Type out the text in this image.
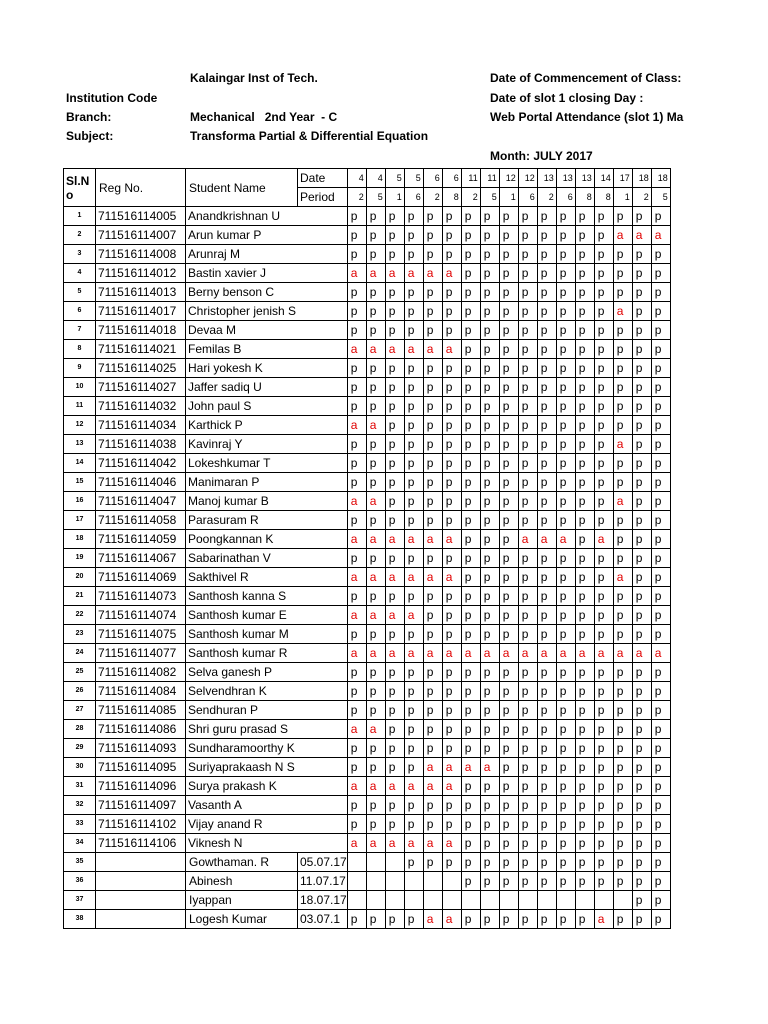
Kalaingar Inst of Tech.
Institution Code
Branch:	Mechanical   2nd Year  - C
Subject:	Transforma Partial & Differential Equation
Date of Commencement of Class:
Date of slot 1 closing Day :
Web Portal Attendance (slot 1) Ma
Month: JULY 2017
Sl.N o	Reg No.	Student Name	Date	4	4	5	5	6	6	11	11	12	12	13	13	13	14	17	18	18
			Period	2	5	1	6	2	8	2	5	1	6	2	6	8	8	1	2	5
1	711516114005	Anandkrishnan U		p	p	p	p	p	p	p	p	p	p	p	p	p	p	p	p	p
2	711516114007	Arun kumar P		p	p	p	p	p	p	p	p	p	p	p	p	p	p	a	a	a
3	711516114008	Arunraj M		p	p	p	p	p	p	p	p	p	p	p	p	p	p	p	p	p
4	711516114012	Bastin xavier J		a	a	a	a	a	a	p	p	p	p	p	p	p	p	p	p	p
5	711516114013	Berny benson C		p	p	p	p	p	p	p	p	p	p	p	p	p	p	p	p	p
6	711516114017	Christopher jenish S		p	p	p	p	p	p	p	p	p	p	p	p	p	p	a	p	p
7	711516114018	Devaa M		p	p	p	p	p	p	p	p	p	p	p	p	p	p	p	p	p
8	711516114021	Femilas B		a	a	a	a	a	a	p	p	p	p	p	p	p	p	p	p	p
9	711516114025	Hari yokesh K		p	p	p	p	p	p	p	p	p	p	p	p	p	p	p	p	p
10	711516114027	Jaffer sadiq U		p	p	p	p	p	p	p	p	p	p	p	p	p	p	p	p	p
11	711516114032	John paul S		p	p	p	p	p	p	p	p	p	p	p	p	p	p	p	p	p
12	711516114034	Karthick P		a	a	p	p	p	p	p	p	p	p	p	p	p	p	p	p	p
13	711516114038	Kavinraj Y		p	p	p	p	p	p	p	p	p	p	p	p	p	p	a	p	p
14	711516114042	Lokeshkumar T		p	p	p	p	p	p	p	p	p	p	p	p	p	p	p	p	p
15	711516114046	Manimaran P		p	p	p	p	p	p	p	p	p	p	p	p	p	p	p	p	p
16	711516114047	Manoj kumar B		a	a	p	p	p	p	p	p	p	p	p	p	p	p	a	p	p
17	711516114058	Parasuram R		p	p	p	p	p	p	p	p	p	p	p	p	p	p	p	p	p
18	711516114059	Poongkannan K		a	a	a	a	a	a	p	p	p	a	a	a	p	a	p	p	p
19	711516114067	Sabarinathan V		p	p	p	p	p	p	p	p	p	p	p	p	p	p	p	p	p
20	711516114069	Sakthivel R		a	a	a	a	a	a	p	p	p	p	p	p	p	p	a	p	p
21	711516114073	Santhosh kanna S		p	p	p	p	p	p	p	p	p	p	p	p	p	p	p	p	p
22	711516114074	Santhosh kumar E		a	a	a	a	p	p	p	p	p	p	p	p	p	p	p	p	p
23	711516114075	Santhosh kumar M		p	p	p	p	p	p	p	p	p	p	p	p	p	p	p	p	p
24	711516114077	Santhosh kumar R		a	a	a	a	a	a	a	a	a	a	a	a	a	a	a	a	a
25	711516114082	Selva ganesh P		p	p	p	p	p	p	p	p	p	p	p	p	p	p	p	p	p
26	711516114084	Selvendhran K		p	p	p	p	p	p	p	p	p	p	p	p	p	p	p	p	p
27	711516114085	Sendhuran P		p	p	p	p	p	p	p	p	p	p	p	p	p	p	p	p	p
28	711516114086	Shri guru prasad S		a	a	p	p	p	p	p	p	p	p	p	p	p	p	p	p	p
29	711516114093	Sundharamoorthy K		p	p	p	p	p	p	p	p	p	p	p	p	p	p	p	p	p
30	711516114095	Suriyaprakaash N S		p	p	p	p	a	a	a	a	p	p	p	p	p	p	p	p	p
31	711516114096	Surya prakash K		a	a	a	a	a	a	p	p	p	p	p	p	p	p	p	p	p
32	711516114097	Vasanth A		p	p	p	p	p	p	p	p	p	p	p	p	p	p	p	p	p
33	711516114102	Vijay anand R		p	p	p	p	p	p	p	p	p	p	p	p	p	p	p	p	p
34	711516114106	Viknesh N		a	a	a	a	a	a	p	p	p	p	p	p	p	p	p	p	p
35		Gowthaman. R	05.07.17				p	p	p	p	p	p	p	p	p	p	p	p	p	p
36		Abinesh	11.07.17							p	p	p	p	p	p	p	p	p	p	p
37		Iyappan	18.07.17																p	p
38		Logesh Kumar	03.07.1	p	p	p	p	a	a	p	p	p	p	p	p	p	a	p	p	p
